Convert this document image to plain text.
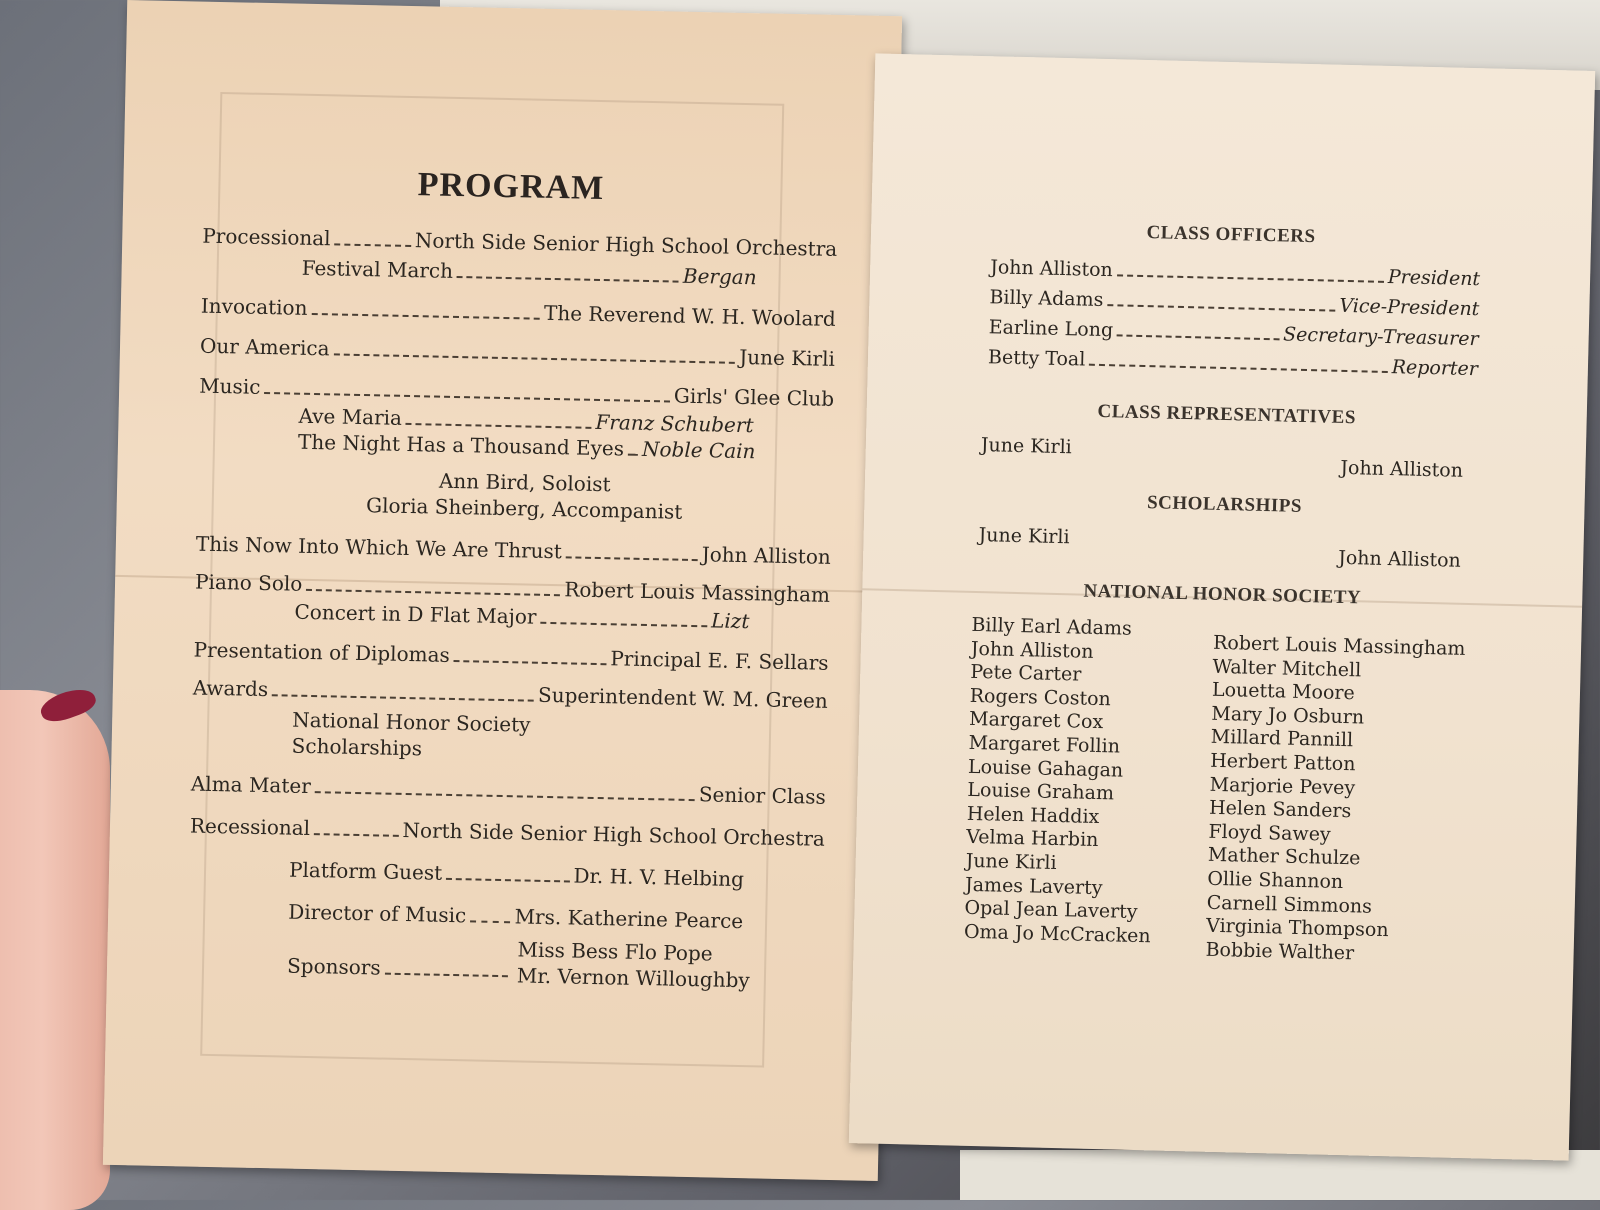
PROGRAM
Processional	North Side Senior High School Orchestra
Festival March	Bergan
Invocation	The Reverend W. H. Woolard
Our America	June Kirli
Music	Girls' Glee Club
Ave Maria	Franz Schubert
The Night Has a Thousand Eyes Noble Cain
Ann Bird, Soloist
Gloria Sheinberg, Accompanist
This Now Into Which We Are Thrust	John Alliston
Piano Solo	Robert Louis Massingham
Concert in D Flat Major	Lizt
Presentation of Diplomas	Principal E. F. Sellars
Awards	Superintendent W. M. Green
National Honor Society
Scholarships
Alma Mater	Senior Class
Recessional	North Side Senior High School Orchestra
Platform Guest	Dr. H. V. Helbing
Director of Music Mrs. Katherine Pearce
Sponsors
Miss Bess Flo Pope
Mr. Vernon Willoughby
CLASS OFFICERS
John Alliston	President
Billy Adams	Vice-President
Earline Long	Secretary-Treasurer
Betty Toal	Reporter
CLASS REPRESENTATIVES
June Kirli
John Alliston
SCHOLARSHIPS
June Kirli
John Alliston
NATIONAL HONOR SOCIETY
Billy Earl Adams
John Alliston
Pete Carter
Rogers Coston
Margaret Cox
Margaret Follin
Louise Gahagan
Louise Graham
Helen Haddix
Velma Harbin
June Kirli
James Laverty
Opal Jean Laverty
Oma Jo McCracken
Robert Louis Massingham
Walter Mitchell
Louetta Moore
Mary Jo Osburn
Millard Pannill
Herbert Patton
Marjorie Pevey
Helen Sanders
Floyd Sawey
Mather Schulze
Ollie Shannon
Carnell Simmons
Virginia Thompson
Bobbie Walther
